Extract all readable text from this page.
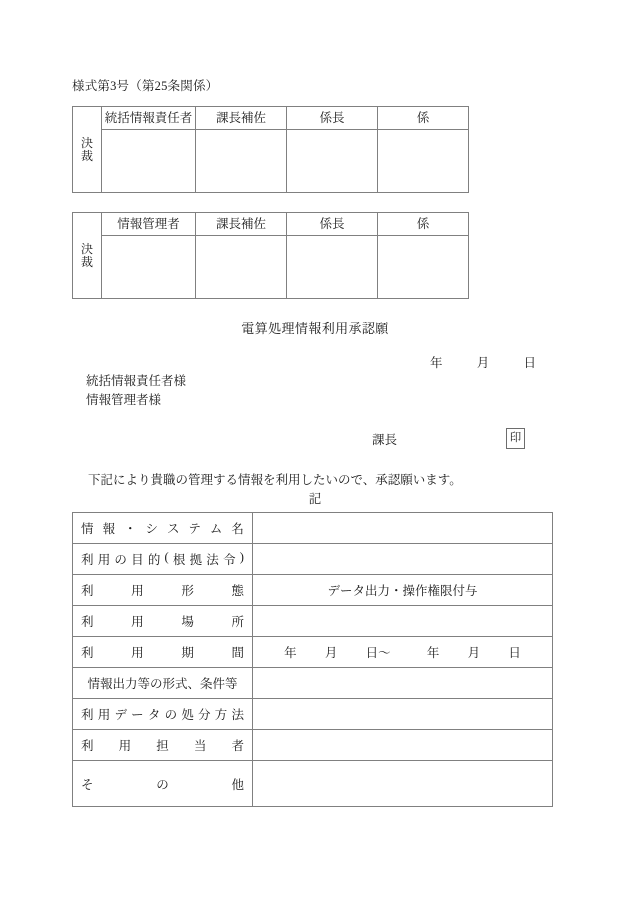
様式第3号（第25条関係）
決
裁	統括情報責任者	課長補佐	係長	係

決
裁	情報管理者	課長補佐	係長	係

電算処理情報利用承認願
年	月	日
統括情報責任者様
情報管理者様
課長	印
下記により貴職の管理する情報を利用したいので、承認願います。
記
情 報 ・ シ ス テ ム 名

利 用 の 目 的 ( 根 拠 法 令 )

利 用 形 態	データ出力・操作権限付与

利 用 場 所	

利 用 期 間	年 月 日〜 年 月 日
情報出力等の形式、条件等	

利 用 デ ー タ の 処 分 方 法

利 用 担 当 者	

そ の 他	
